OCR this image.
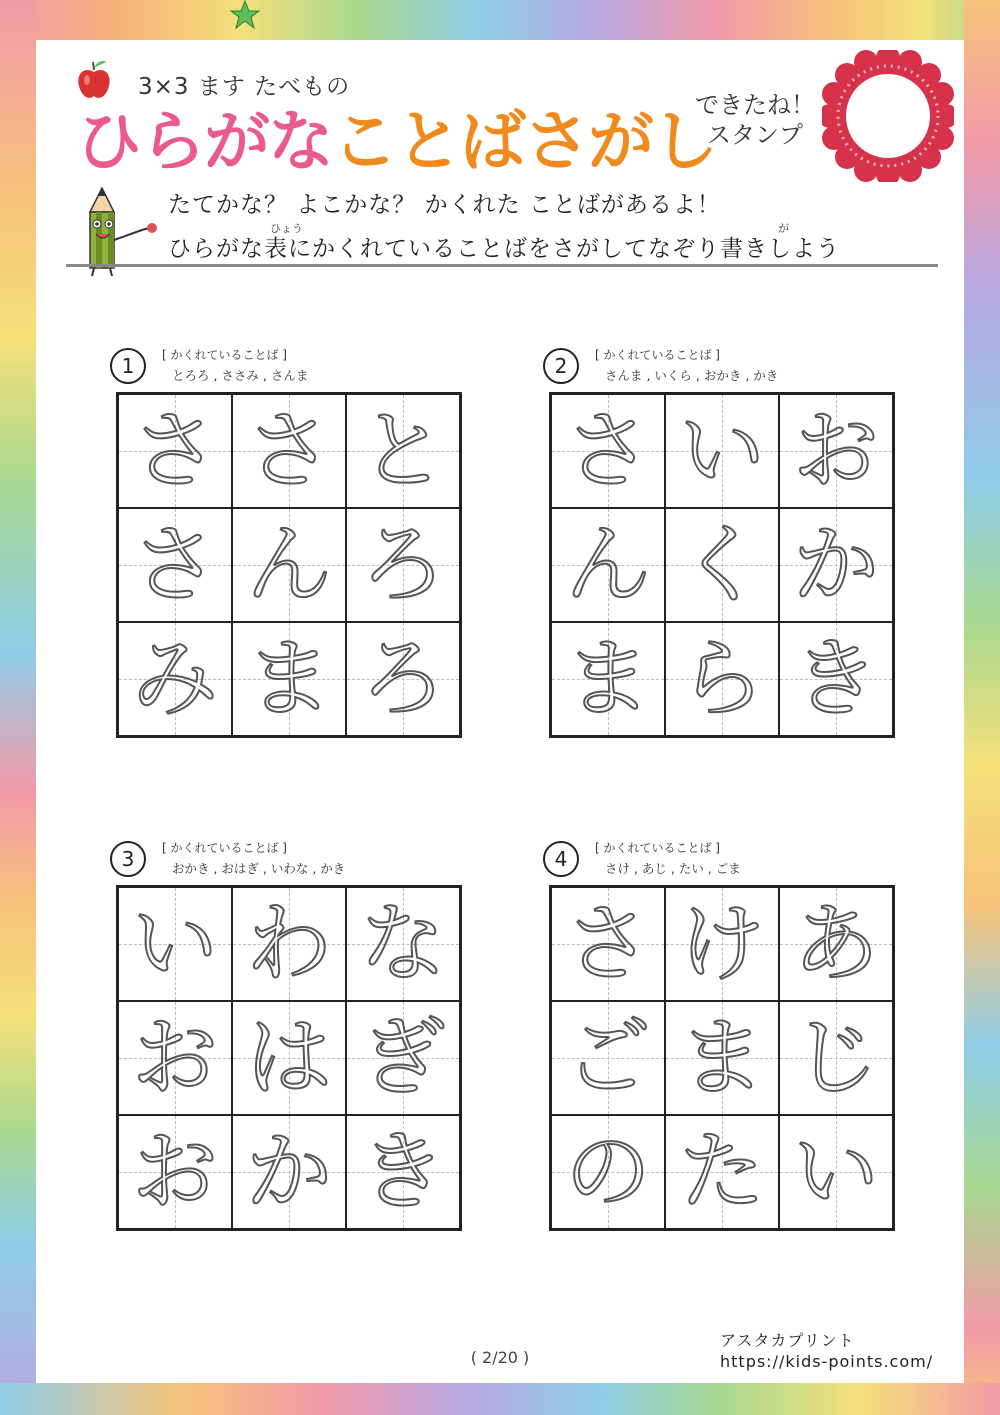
3×3 ます たべもの
ひらがなことばさがし
できたね！ スタンプ
たてかな？ よこかな？ かくれた ことばがあるよ！
ひょう	が
ひらがな表にかくれていることばをさがしてなぞり書きしよう
1	[ かくれていることば ]
とろろ , ささみ , さんま
さ さ と
さ ん ろ
み ま ろ
2	[ かくれていることば ]
さんま , いくら , おかき , かき
さ い お
ん く か
ま ら き
3	[ かくれていることば ]
おかき , おはぎ , いわな , かき
い わ な
お は ぎ
お か き
4	[ かくれていることば ]
さけ , あじ , たい , ごま
さ け あ
ご ま じ
の た い
( 2/20 )
アスタカプリント
https://kids-points.com/
